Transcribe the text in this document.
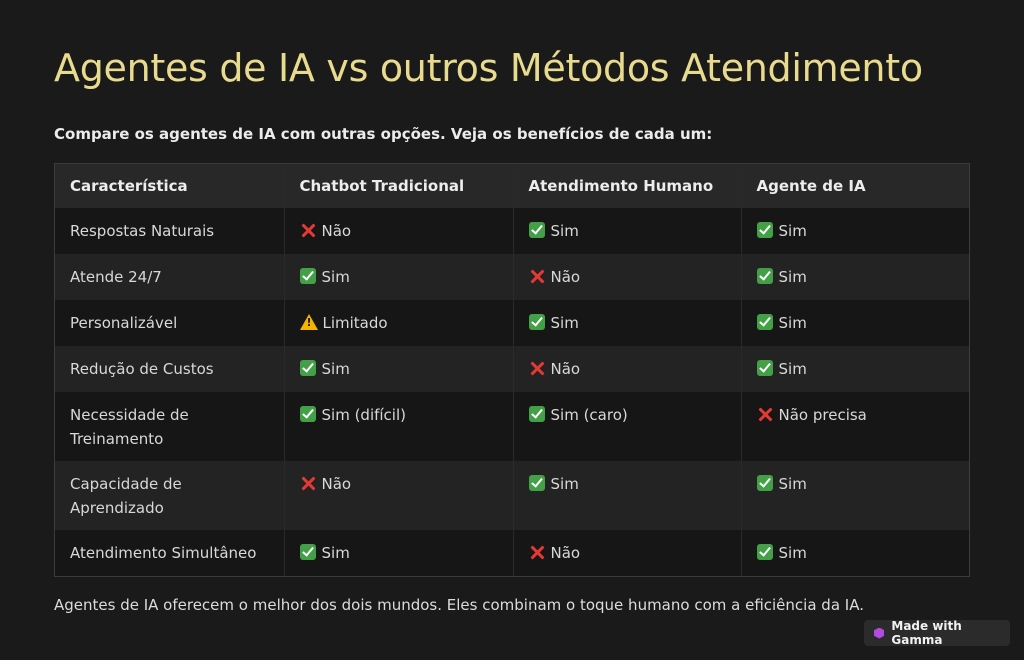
Agentes de IA vs outros Métodos Atendimento
Compare os agentes de IA com outras opções. Veja os benefícios de cada um:
Característica	Chatbot Tradicional	Atendimento Humano	Agente de IA
Respostas Naturais	Não	Sim	Sim
Atende 24/7	Sim	Não	Sim
Personalizável	!Limitado	Sim	Sim
Redução de Custos	Sim	Não	Sim
Necessidade de Treinamento	Sim (difícil)	Sim (caro)	Não precisa
Capacidade de Aprendizado	Não	Sim	Sim
Atendimento Simultâneo	Sim	Não	Sim
Agentes de IA oferecem o melhor dos dois mundos. Eles combinam o toque humano com a eficiência da IA.
Made with Gamma
